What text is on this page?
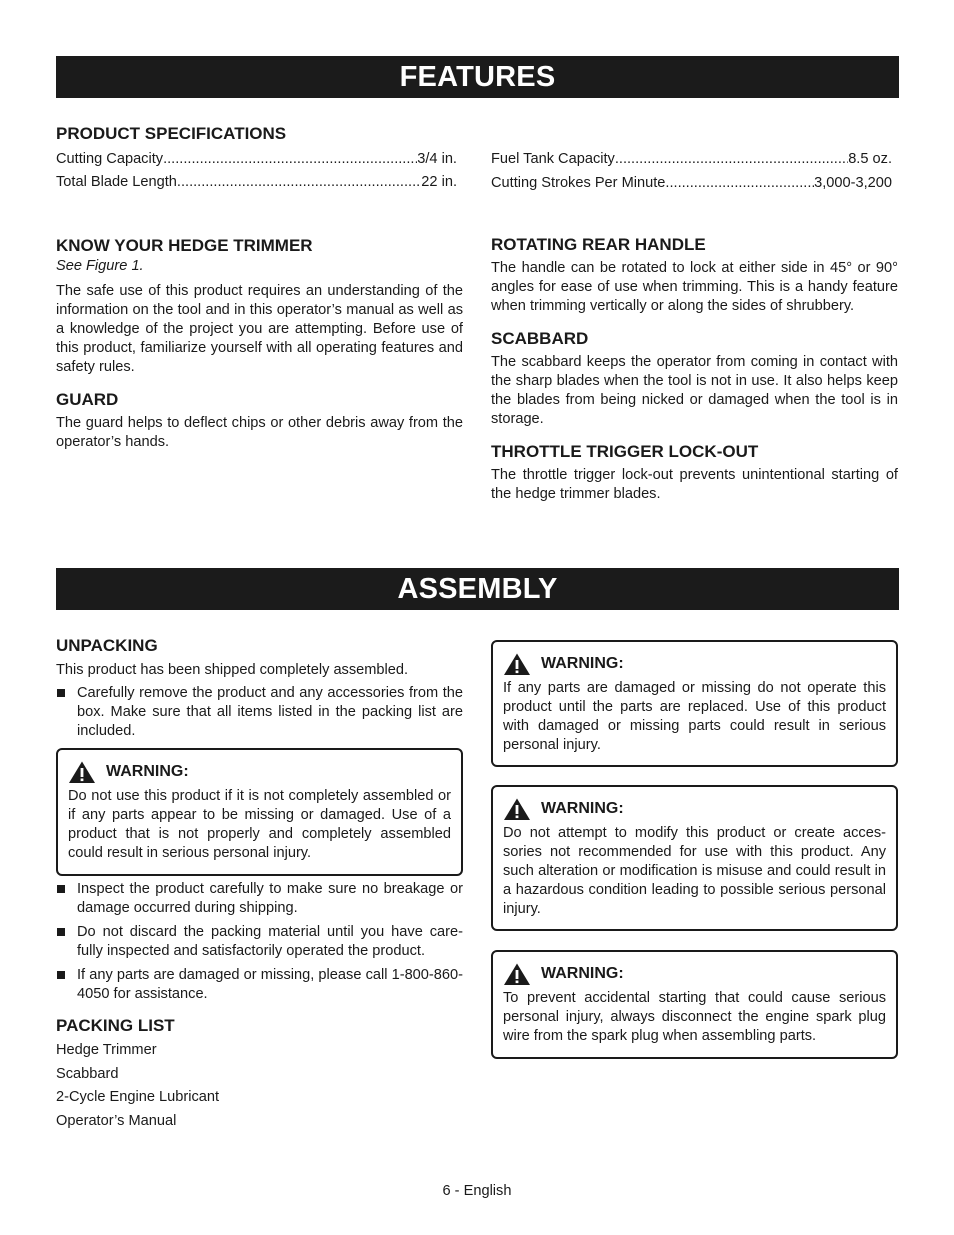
FEATURES
PRODUCT SPECIFICATIONS
Cutting Capacity .....	3/4 in.
Total Blade Length .....	22 in.
Fuel Tank Capacity .....	8.5 oz.
Cutting Strokes Per Minute .....	3,000-3,200
KNOW YOUR HEDGE TRIMMER

See Figure 1.

The safe use of this product requires an understanding of the information on the tool and in this operator’s manual as well as a knowledge of the project you are attempting. Before use of this product, familiarize yourself with all operating features and safety rules.

GUARD

The guard helps to deflect chips or other debris away from the operator’s hands.

ROTATING REAR HANDLE

The handle can be rotated to lock at either side in 45° or 90° angles for ease of use when trimming. This is a handy feature when trimming vertically or along the sides of shrubbery.

SCABBARD

The scabbard keeps the operator from coming in contact with the sharp blades when the tool is not in use. It also helps keep the blades from being nicked or damaged when the tool is in storage.

THROTTLE TRIGGER LOCK-OUT

The throttle trigger lock-out prevents unintentional starting of the hedge trimmer blades.

ASSEMBLY
UNPACKING

This product has been shipped completely assembled.

Carefully remove the product and any accessories from the box. Make sure that all items listed in the packing list are included.
WARNING:

Do not use this product if it is not completely assembled or if any parts appear to be missing or damaged. Use of a product that is not properly and completely assembled could result in serious personal injury.

Inspect the product carefully to make sure no breakage or damage occurred during shipping.
Do not discard the packing material until you have care-fully inspected and satisfactorily operated the product.
If any parts are damaged or missing, please call 1-800-860-4050 for assistance.
PACKING LIST
Hedge Trimmer
Scabbard
2-Cycle Engine Lubricant
Operator’s Manual
WARNING:

If any parts are damaged or missing do not operate this product until the parts are replaced. Use of this product with damaged or missing parts could result in serious personal injury.

WARNING:

Do not attempt to modify this product or create acces-sories not recommended for use with this product. Any such alteration or modification is misuse and could result in a hazardous condition leading to possible serious personal injury.

WARNING:

To prevent accidental starting that could cause serious personal injury, always disconnect the engine spark plug wire from the spark plug when assembling parts.

6 - English
